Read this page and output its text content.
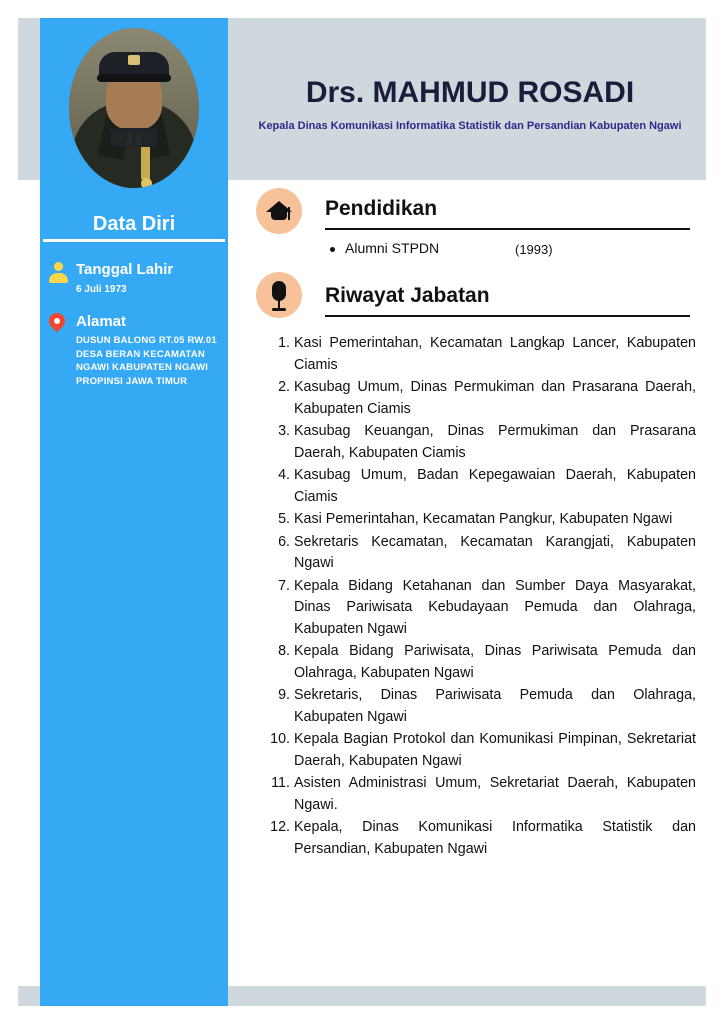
Drs. MAHMUD ROSADI
Kepala Dinas Komunikasi Informatika Statistik dan Persandian Kabupaten Ngawi
Data Diri
Tanggal Lahir
6 Juli 1973
Alamat
DUSUN BALONG RT.05 RW.01 DESA BERAN KECAMATAN NGAWI KABUPATEN NGAWI PROPINSI JAWA TIMUR
Pendidikan
Alumni STPDN	(1993)
Riwayat Jabatan
1. Kasi Pemerintahan, Kecamatan Langkap Lancer, Kabupaten Ciamis
2. Kasubag Umum, Dinas Permukiman dan Prasarana Daerah, Kabupaten Ciamis
3. Kasubag Keuangan, Dinas Permukiman dan Prasarana Daerah, Kabupaten Ciamis
4. Kasubag Umum, Badan Kepegawaian Daerah, Kabupaten Ciamis
5. Kasi Pemerintahan, Kecamatan Pangkur, Kabupaten Ngawi
6. Sekretaris Kecamatan, Kecamatan Karangjati, Kabupaten Ngawi
7. Kepala Bidang Ketahanan dan Sumber Daya Masyarakat, Dinas Pariwisata Kebudayaan Pemuda dan Olahraga, Kabupaten Ngawi
8. Kepala Bidang Pariwisata, Dinas Pariwisata Pemuda dan Olahraga, Kabupaten Ngawi
9. Sekretaris, Dinas Pariwisata Pemuda dan Olahraga, Kabupaten Ngawi
10. Kepala Bagian Protokol dan Komunikasi Pimpinan, Sekretariat Daerah, Kabupaten Ngawi
11. Asisten Administrasi Umum, Sekretariat Daerah, Kabupaten Ngawi.
12. Kepala, Dinas Komunikasi Informatika Statistik dan Persandian, Kabupaten Ngawi
